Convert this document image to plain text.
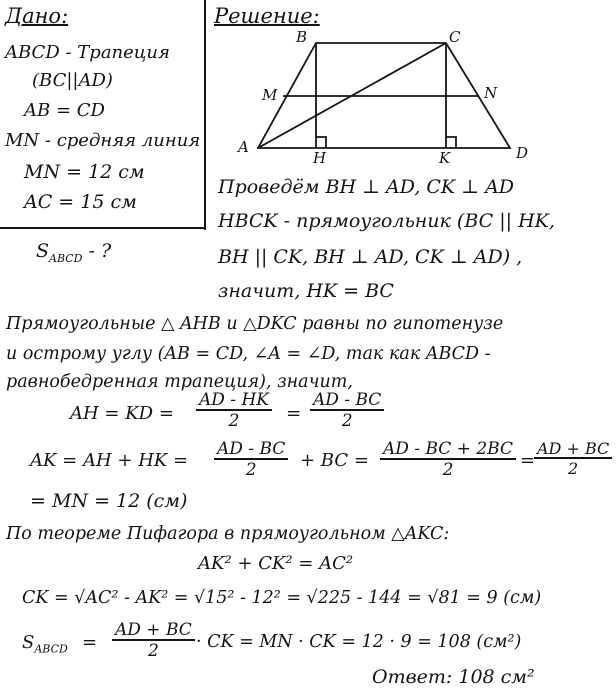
B	C
A	D
M	N
H	K
Дано:
ABCD - Трапеция
(BC||AD)
AB = CD
MN - средняя линия
MN = 12 см
AC = 15 см
$S_{ABCD}$ - ?
Решение:
Проведём BH ⊥ AD, CK ⊥ AD
HBCK - прямоугольник (BC || HK,
BH || CK, BH ⊥ AD, CK ⊥ AD) ,
значит, HK = BC
Прямоугольные △ AHB и △DKC равны по гипотенузе
и острому углу (AB = CD, ∠A = ∠D, так как ABCD -
равнобедренная трапеция), значит,
AH = KD = $\frac{AD - HK}{2} = \frac{AD - BC}{2}$
AK = AH + HK = $\frac{AD - BC}{2}$ + BC = $\frac{AD - BC + 2BC}{2}$ =
$\frac{AD + BC}{2}$
= MN = 12 (см)
По теореме Пифагора в прямоугольном △AKC:
AK² + CK² = AC²
CK = √AC² - AK² = √15² - 12² = √225 - 144 = √81 = 9 (см)
$S_{ABCD} = \frac{AD + BC}{2}$ · CK = MN · CK = 12 · 9 = 108 (см²)
Ответ: 108 см²
